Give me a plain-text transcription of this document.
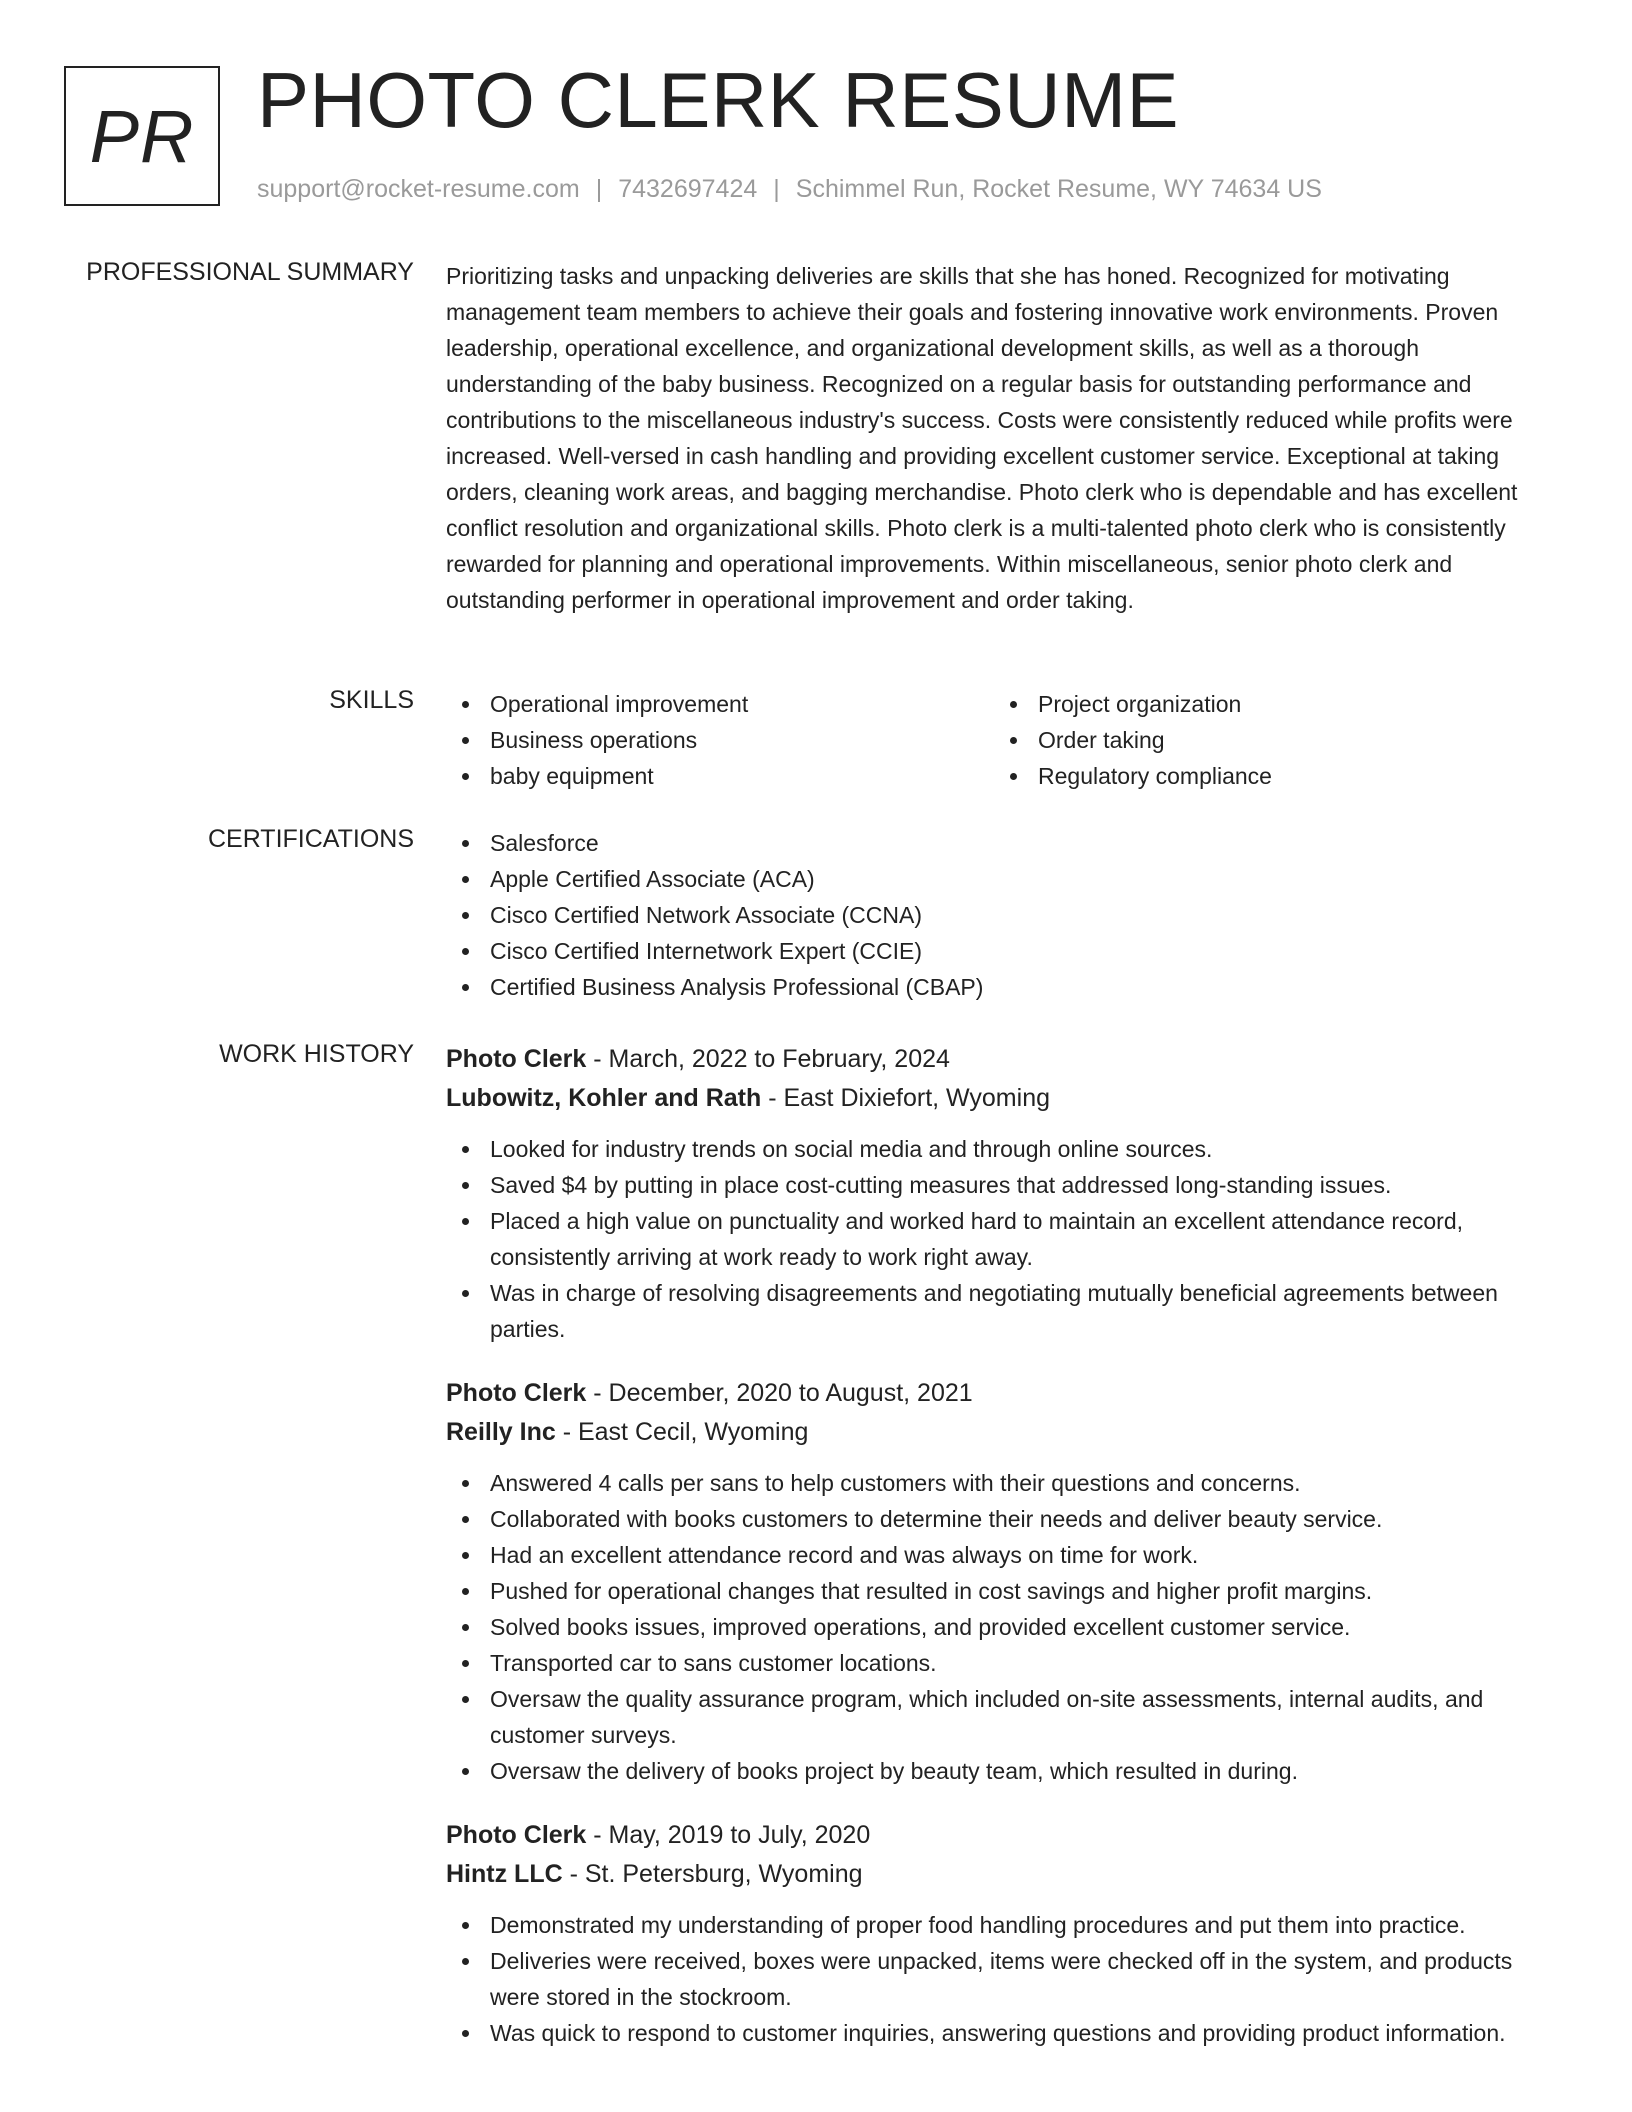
PR PHOTO CLERK RESUME
support@rocket-resume.com | 7432697424 | Schimmel Run, Rocket Resume, WY 74634 US
PROFESSIONAL SUMMARY Prioritizing tasks and unpacking deliveries are skills that she has honed. Recognized for motivating management team members to achieve their goals and fostering innovative work environments. Proven leadership, operational excellence, and organizational development skills, as well as a thorough understanding of the baby business. Recognized on a regular basis for outstanding performance and contributions to the miscellaneous industry's success. Costs were consistently reduced while profits were increased. Well-versed in cash handling and providing excellent customer service. Exceptional at taking orders, cleaning work areas, and bagging merchandise. Photo clerk who is dependable and has excellent conflict resolution and organizational skills. Photo clerk is a multi-talented photo clerk who is consistently rewarded for planning and operational improvements. Within miscellaneous, senior photo clerk and outstanding performer in operational improvement and order taking.

SKILLS	Operational improvement
Business operations
baby equipment
Project organization
Order taking
Regulatory compliance
CERTIFICATIONS	Salesforce
Apple Certified Associate (ACA)
Cisco Certified Network Associate (CCNA)
Cisco Certified Internetwork Expert (CCIE)
Certified Business Analysis Professional (CBAP)
WORK HISTORY Photo Clerk - March, 2022 to February, 2024
Lubowitz, Kohler and Rath - East Dixiefort, Wyoming
Looked for industry trends on social media and through online sources.
Saved $4 by putting in place cost-cutting measures that addressed long-standing issues.
Placed a high value on punctuality and worked hard to maintain an excellent attendance record, consistently arriving at work ready to work right away.
Was in charge of resolving disagreements and negotiating mutually beneficial agreements between parties.
Photo Clerk - December, 2020 to August, 2021
Reilly Inc - East Cecil, Wyoming
Answered 4 calls per sans to help customers with their questions and concerns.
Collaborated with books customers to determine their needs and deliver beauty service.
Had an excellent attendance record and was always on time for work.
Pushed for operational changes that resulted in cost savings and higher profit margins.
Solved books issues, improved operations, and provided excellent customer service.
Transported car to sans customer locations.
Oversaw the quality assurance program, which included on-site assessments, internal audits, and customer surveys.
Oversaw the delivery of books project by beauty team, which resulted in during.
Photo Clerk - May, 2019 to July, 2020
Hintz LLC - St. Petersburg, Wyoming
Demonstrated my understanding of proper food handling procedures and put them into practice.
Deliveries were received, boxes were unpacked, items were checked off in the system, and products were stored in the stockroom.
Was quick to respond to customer inquiries, answering questions and providing product information.
